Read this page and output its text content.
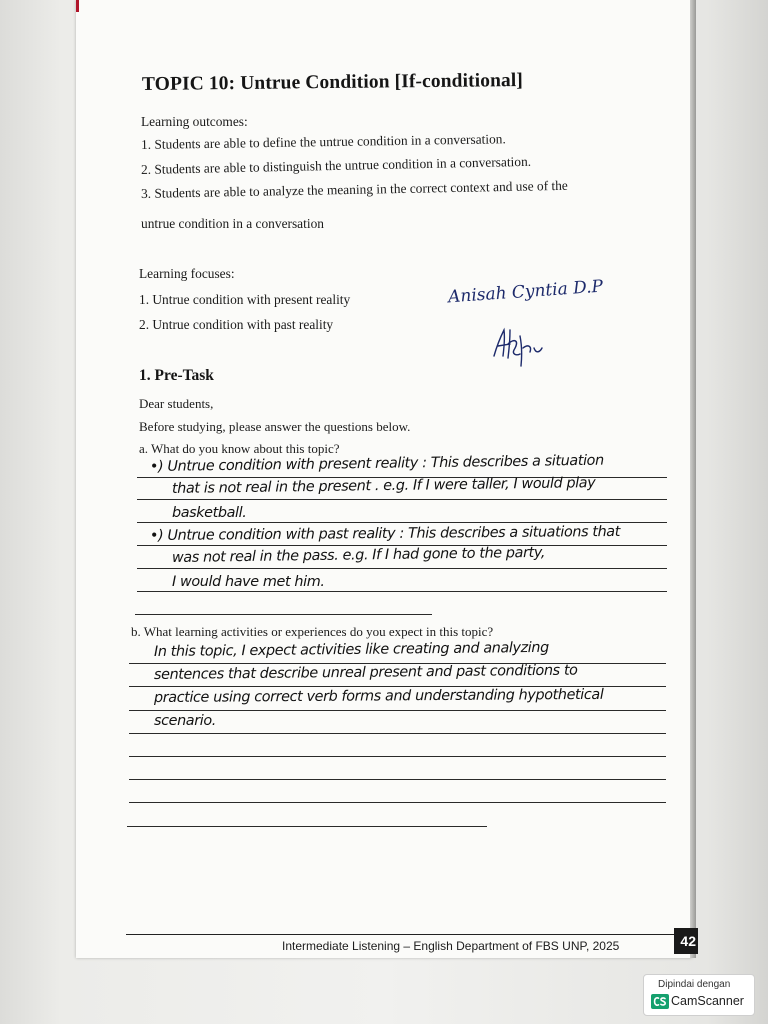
TOPIC 10: Untrue Condition [If-conditional]
Learning outcomes:
1. Students are able to define the untrue condition in a conversation.
2. Students are able to distinguish the untrue condition in a conversation.
3. Students are able to analyze the meaning in the correct context and use of the
untrue condition in a conversation
Learning focuses:
1. Untrue condition with present reality
2. Untrue condition with past reality
Anisah Cyntia D.P
1. Pre-Task
Dear students,
Before studying, please answer the questions below.
a. What do you know about this topic?
•) Untrue condition with present reality : This describes a situation
that is not real in the present . e.g. If I were taller, I would play
basketball.
•) Untrue condition with past reality : This describes a situations that
was not real in the pass. e.g. If I had gone to the party,
I would have met him.
b. What learning activities or experiences do you expect in this topic?
In this topic, I expect activities like creating and analyzing
sentences that describe unreal present and past conditions to
practice using correct verb forms and understanding hypothetical
scenario.
Intermediate Listening – English Department of FBS UNP, 2025	42
Dipindai dengan
CamScanner
